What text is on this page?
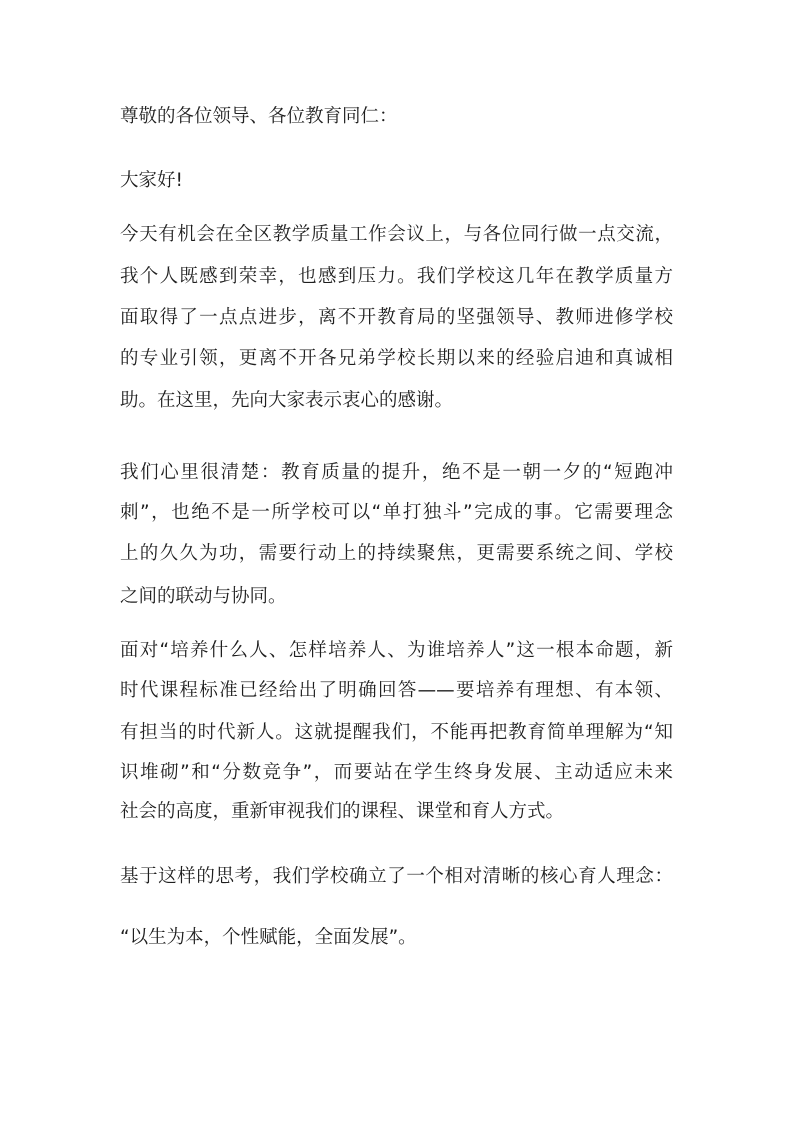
尊敬的各位领导、各位教育同仁：
大家好!
今天有机会在全区教学质量工作会议上，与各位同行做一点交流，
我个人既感到荣幸，也感到压力。我们学校这几年在教学质量方
面取得了一点点进步，离不开教育局的坚强领导、教师进修学校
的专业引领，更离不开各兄弟学校长期以来的经验启迪和真诚相
助。在这里，先向大家表示衷心的感谢。
我们心里很清楚：教育质量的提升，绝不是一朝一夕的“短跑冲
刺”，也绝不是一所学校可以“单打独斗”完成的事。它需要理念
上的久久为功，需要行动上的持续聚焦，更需要系统之间、学校
之间的联动与协同。
面对“培养什么人、怎样培养人、为谁培养人”这一根本命题，新
时代课程标准已经给出了明确回答——要培养有理想、有本领、
有担当的时代新人。这就提醒我们，不能再把教育简单理解为“知
识堆砌”和“分数竞争”，而要站在学生终身发展、主动适应未来
社会的高度，重新审视我们的课程、课堂和育人方式。
基于这样的思考，我们学校确立了一个相对清晰的核心育人理念：
“以生为本，个性赋能，全面发展”。
